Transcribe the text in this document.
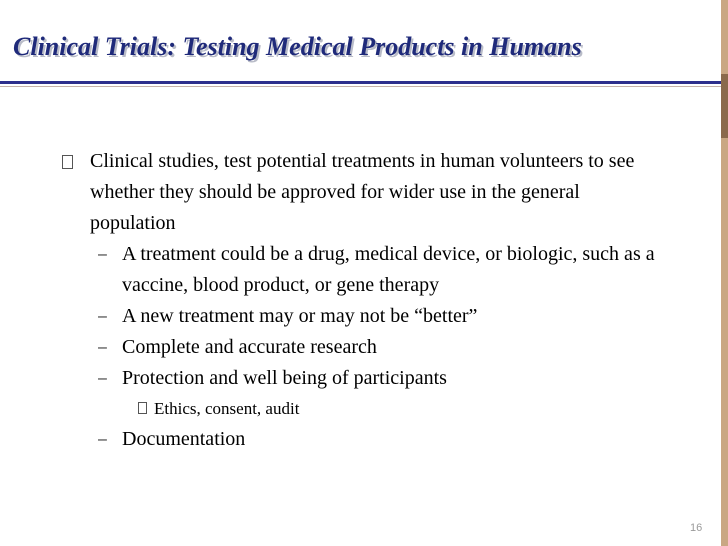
Clinical Trials: Testing Medical Products in Humans
Clinical studies, test potential treatments in human volunteers to see whether they should be approved for wider use in the general population
– A treatment could be a drug, medical device, or biologic, such as a vaccine, blood product, or gene therapy
– A new treatment may or may not be “better”
– Complete and accurate research
– Protection and well being of participants
Ethics, consent, audit
– Documentation
16
